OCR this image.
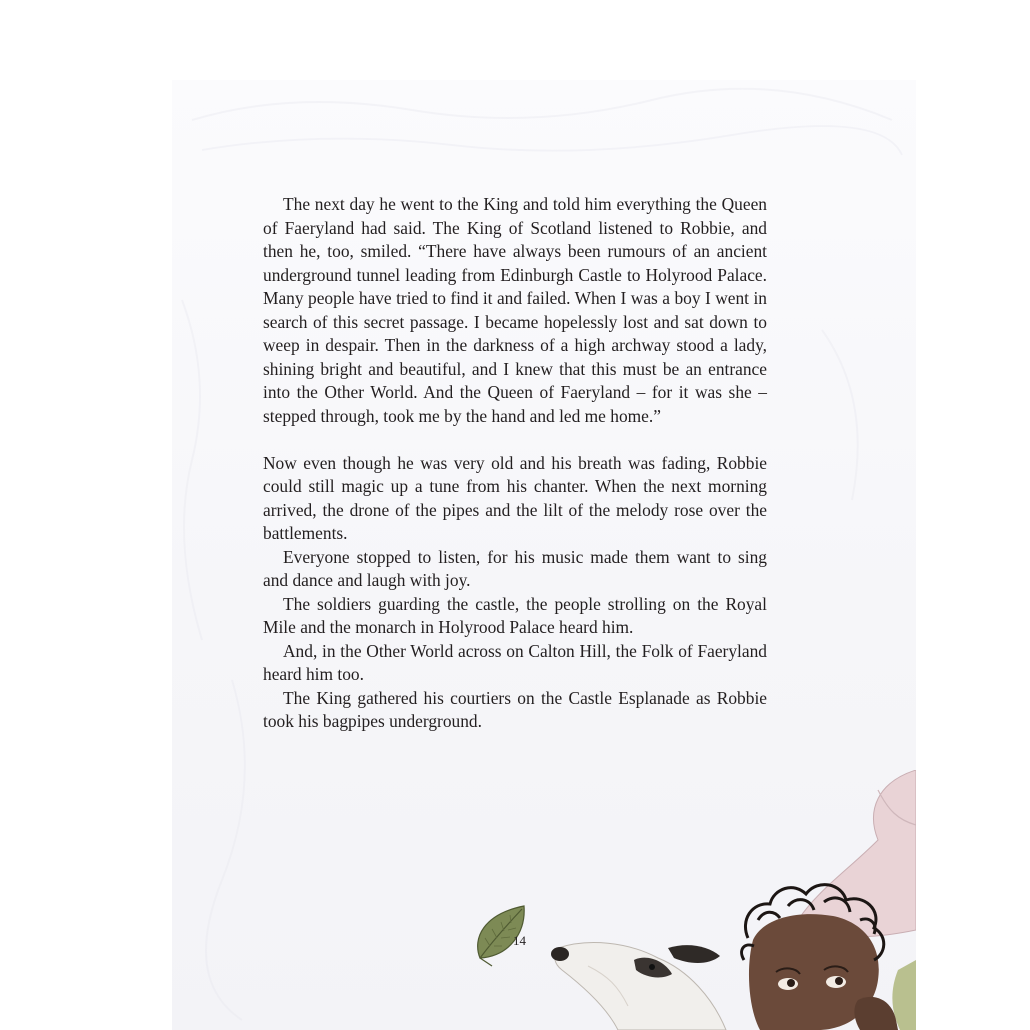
The next day he went to the King and told him everything the Queen of Faeryland had said. The King of Scotland listened to Robbie, and then he, too, smiled. “There have always been rumours of an ancient underground tunnel leading from Edinburgh Castle to Holyrood Palace. Many people have tried to find it and failed. When I was a boy I went in search of this secret passage. I became hopelessly lost and sat down to weep in despair. Then in the darkness of a high archway stood a lady, shining bright and beautiful, and I knew that this must be an entrance into the Other World. And the Queen of Faeryland – for it was she – stepped through, took me by the hand and led me home.”

Now even though he was very old and his breath was fading, Robbie could still magic up a tune from his chanter. When the next morning arrived, the drone of the pipes and the lilt of the melody rose over the battlements.

Everyone stopped to listen, for his music made them want to sing and dance and laugh with joy.

The soldiers guarding the castle, the people strolling on the Royal Mile and the monarch in Holyrood Palace heard him.

And, in the Other World across on Calton Hill, the Folk of Faeryland heard him too.

The King gathered his courtiers on the Castle Esplanade as Robbie took his bagpipes underground.

14
